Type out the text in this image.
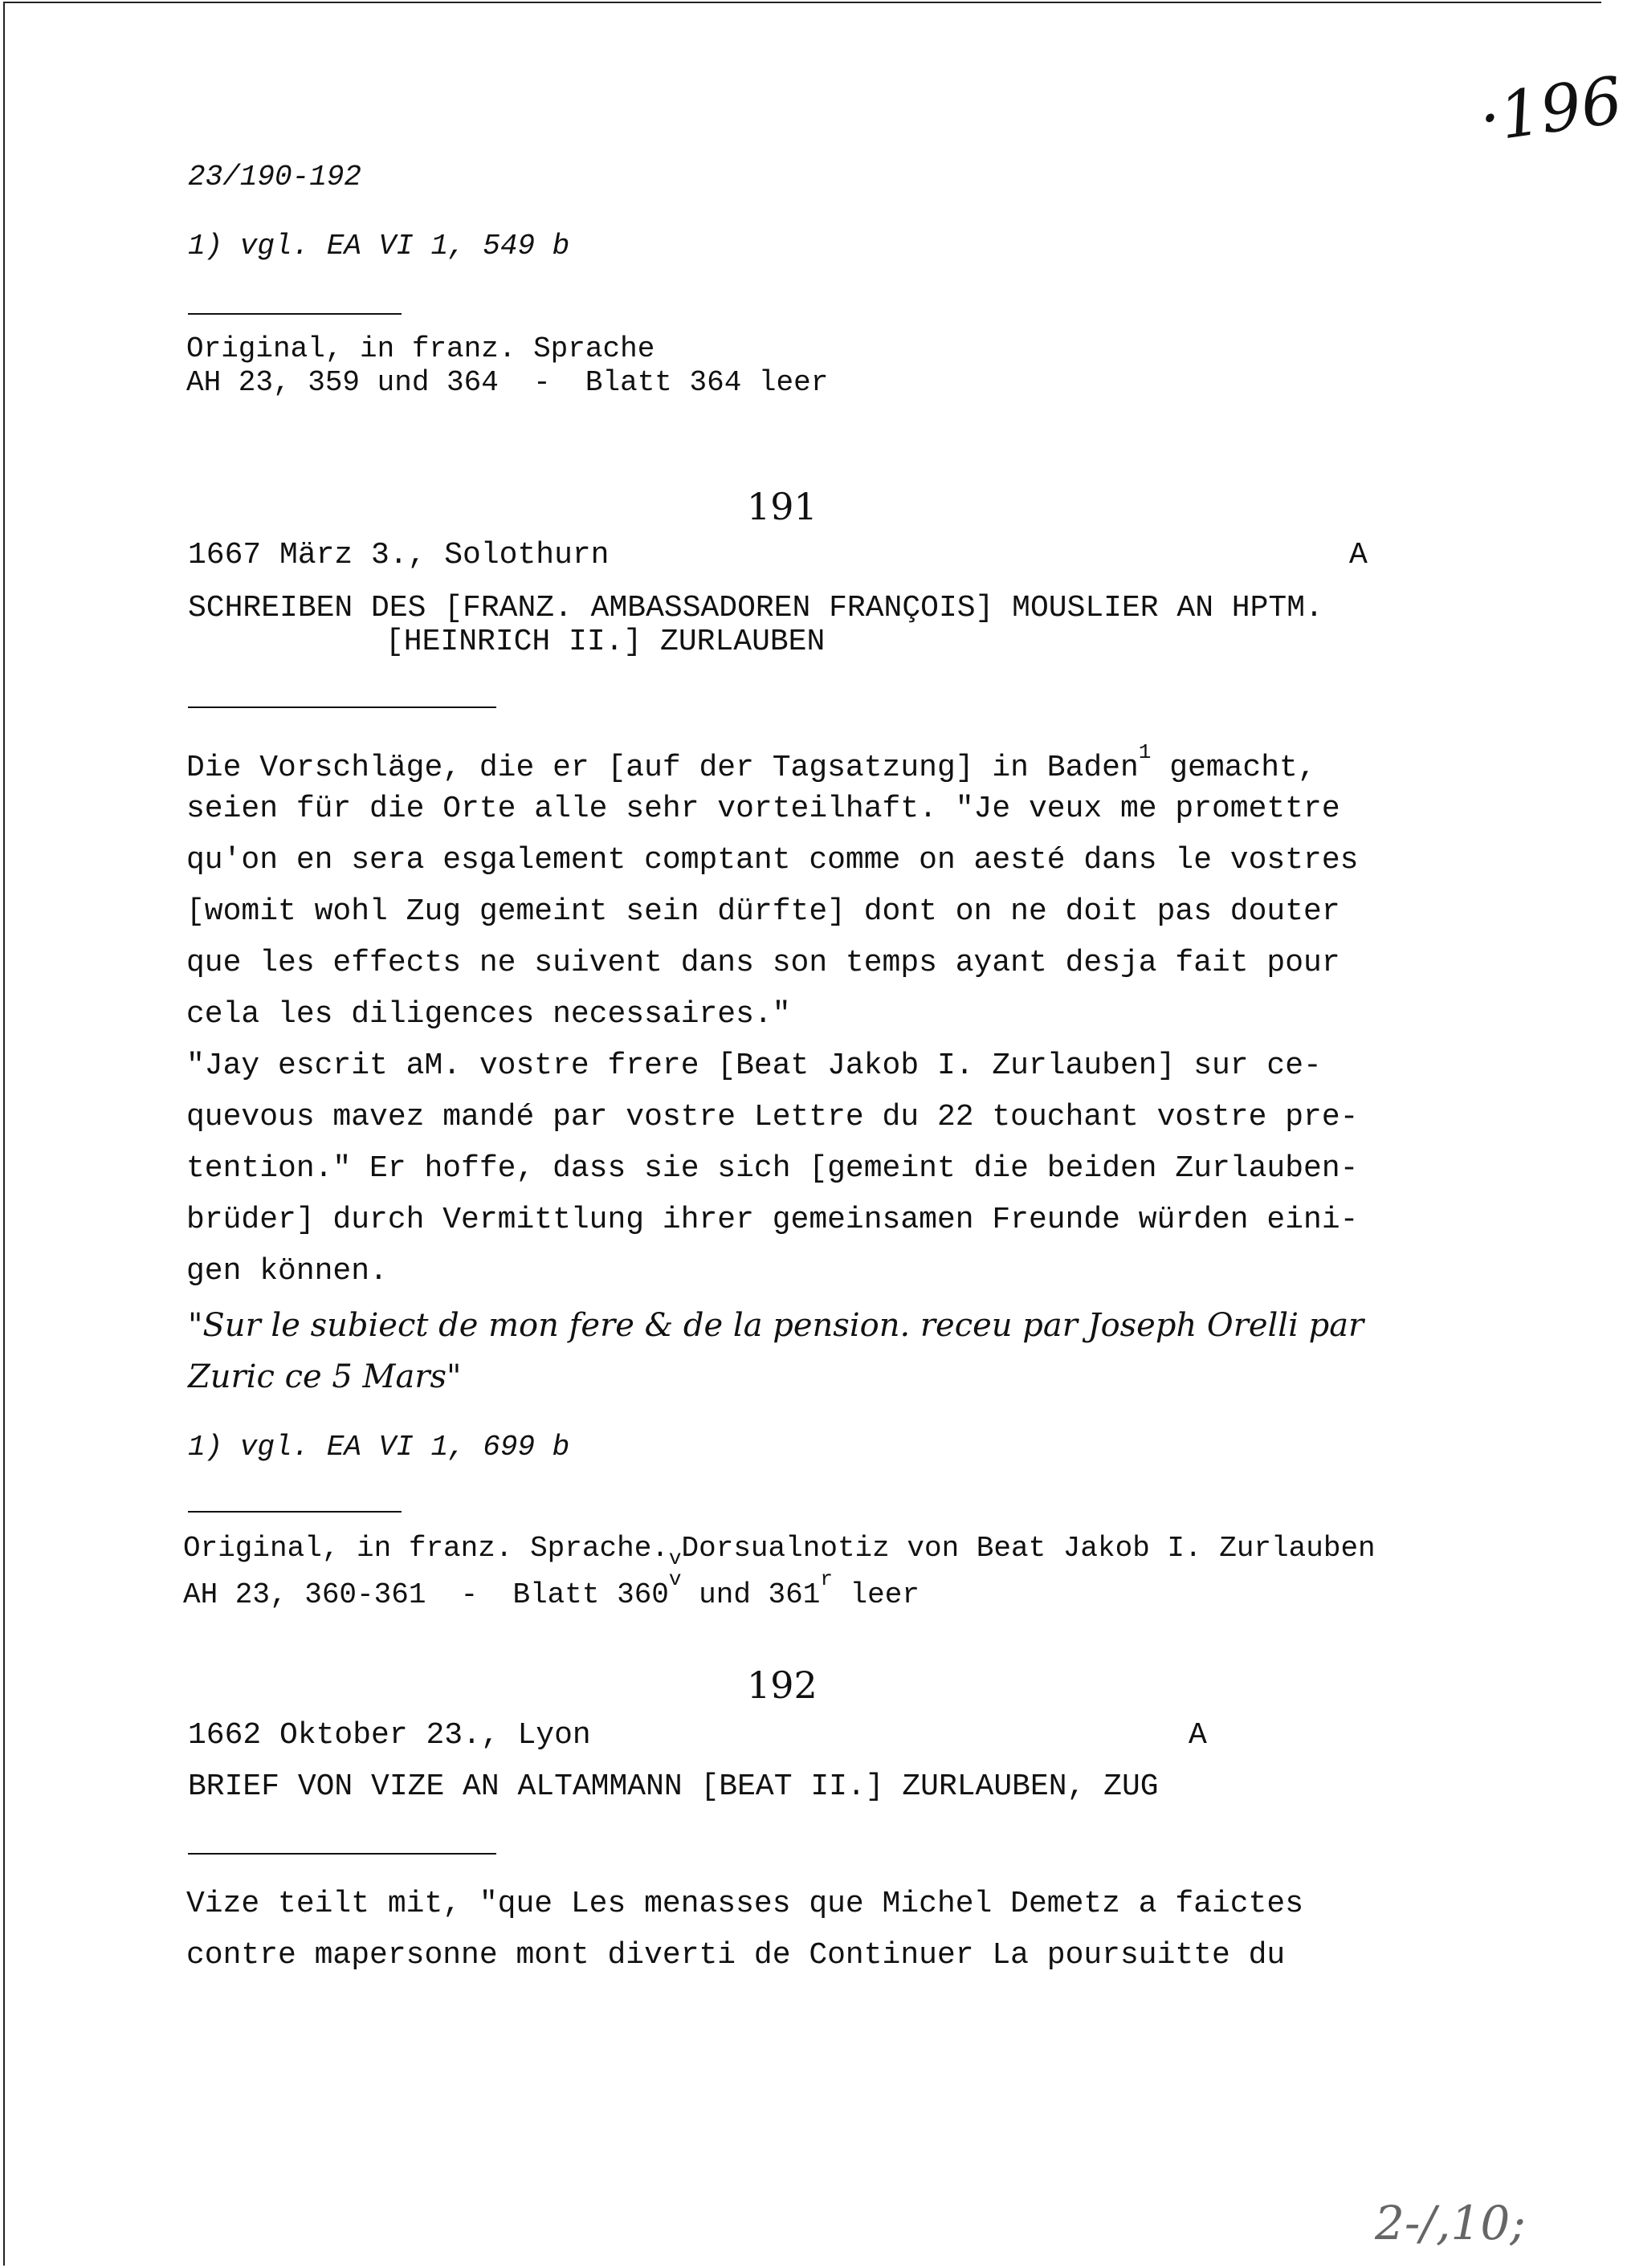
·196
23/190-192
1) vgl. EA VI 1, 549 b
Original, in franz. Sprache
AH 23, 359 und 364  -  Blatt 364 leer
191
1667 März 3., Solothurn	A
SCHREIBEN DES [FRANZ. AMBASSADOREN FRANÇOIS] MOUSLIER AN HPTM.
[HEINRICH II.] ZURLAUBEN
Die Vorschläge, die er [auf der Tagsatzung] in Baden$^1$ gemacht,
seien für die Orte alle sehr vorteilhaft. "Je veux me promettre
qu'on en sera esgalement comptant comme on aesté dans le vostres
[womit wohl Zug gemeint sein dürfte] dont on ne doit pas douter
que les effects ne suivent dans son temps ayant desja fait pour
cela les diligences necessaires."
"Jay escrit aM. vostre frere [Beat Jakob I. Zurlauben] sur ce-
quevous mavez mandé par vostre Lettre du 22 touchant vostre pre-
tention." Er hoffe, dass sie sich [gemeint die beiden Zurlauben-
brüder] durch Vermittlung ihrer gemeinsamen Freunde würden eini-
gen können.
"Sur le subiect de mon fere & de la pension. receu par Joseph Orelli par
Zuric ce 5 Mars"
1) vgl. EA VI 1, 699 b
Original, in franz. $Sprache._vDorsualnotiz$ von Beat Jakob I. Zurlauben
AH 23, 360-361  -  Blatt 360$^v$ und 361$^r$ leer
192
1662 Oktober 23., Lyon	A
BRIEF VON VIZE AN ALTAMMANN [BEAT II.] ZURLAUBEN, ZUG
Vize teilt mit, "que Les menasses que Michel Demetz a faictes
contre mapersonne mont diverti de Continuer La poursuitte du
2-/,10;
